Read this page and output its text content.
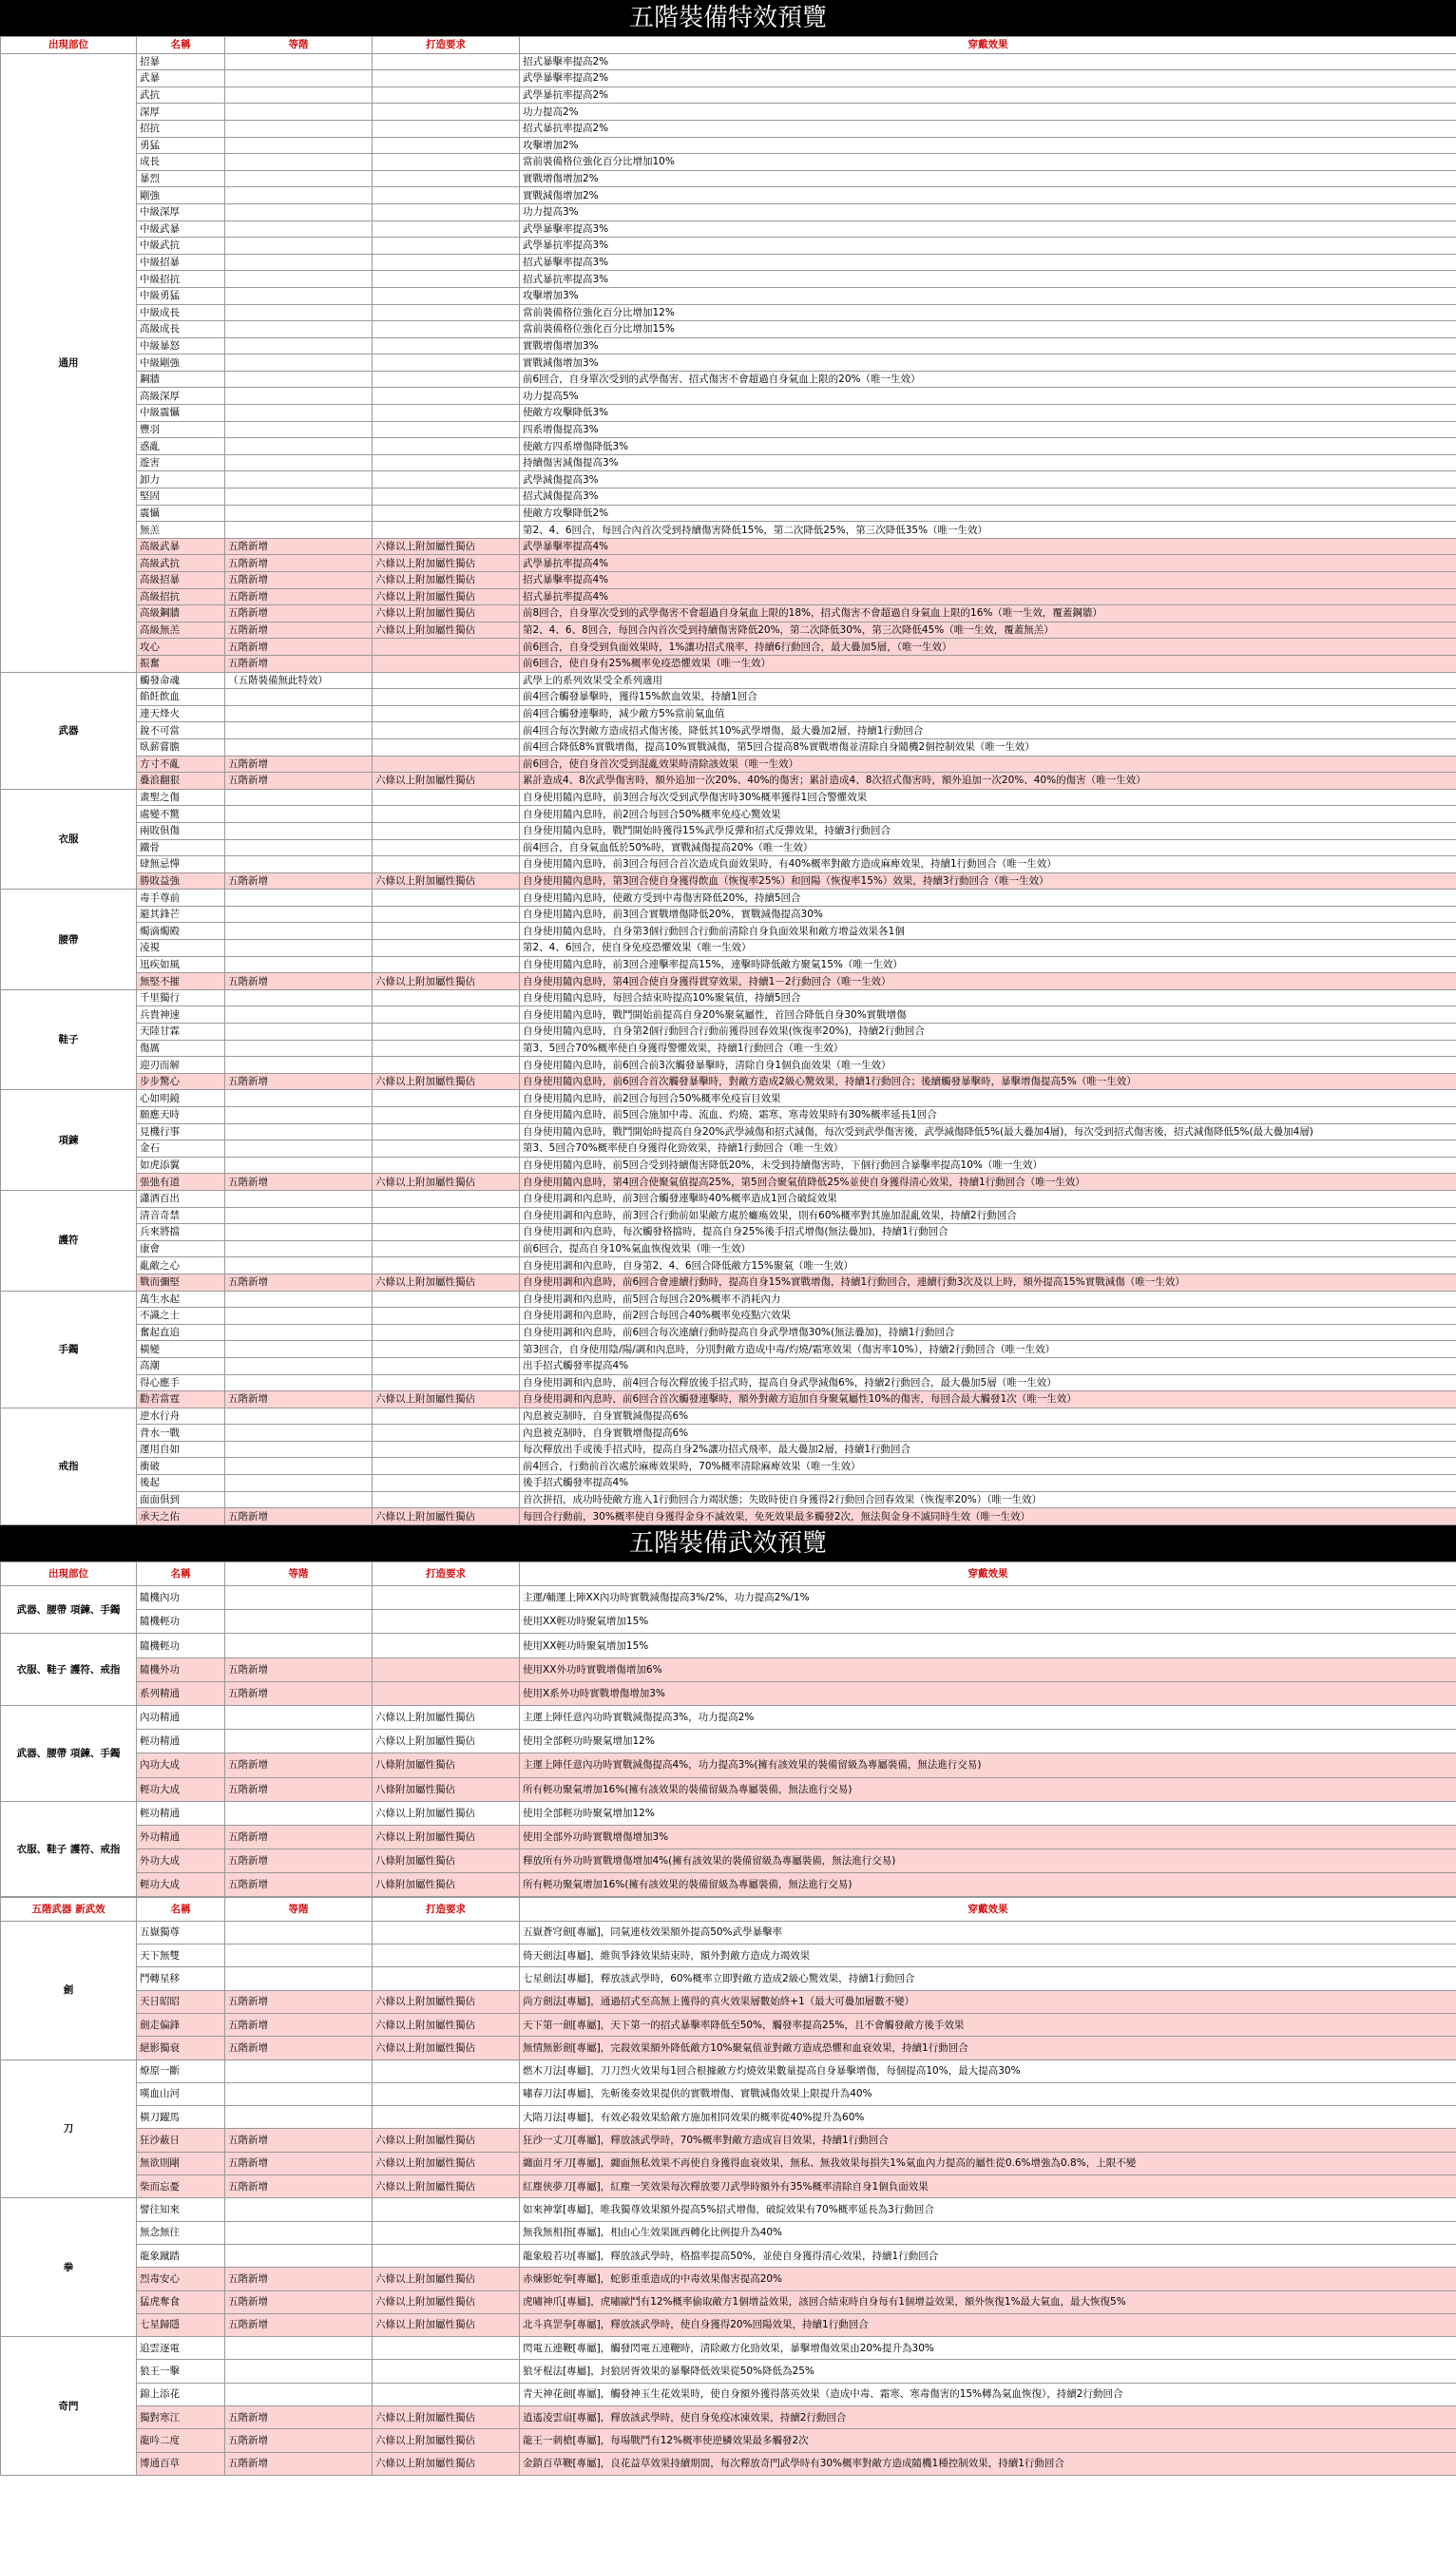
五階裝備特效預覽
出現部位	名稱	等階	打造要求	穿戴效果
通用	招暴			招式暴擊率提高2%
	武暴			武學暴擊率提高2%
	武抗			武學暴抗率提高2%
	深厚			功力提高2%
	招抗			招式暴抗率提高2%
	勇猛			攻擊增加2%
	成長			當前裝備格位強化百分比增加10%
	暴烈			實戰增傷增加2%
	剛強			實戰減傷增加2%
	中級深厚			功力提高3%
	中級武暴			武學暴擊率提高3%
	中級武抗			武學暴抗率提高3%
	中級招暴			招式暴擊率提高3%
	中級招抗			招式暴抗率提高3%
	中級勇猛			攻擊增加3%
	中級成長			當前裝備格位強化百分比增加12%
	高級成長			當前裝備格位強化百分比增加15%
	中級暴怒			實戰增傷增加3%
	中級剛強			實戰減傷增加3%
	鋼牆			前6回合，自身單次受到的武學傷害、招式傷害不會超過自身氣血上限的20%（唯一生效）
	高級深厚			功力提高5%
	中級震懾			使敵方攻擊降低3%
	豐羽			四系增傷提高3%
	惑亂			使敵方四系增傷降低3%
	遊害			持續傷害減傷提高3%
	卸力			武學減傷提高3%
	堅固			招式減傷提高3%
	震懾			使敵方攻擊降低2%
	無羔			第2、4、6回合，每回合內首次受到持續傷害降低15%，第二次降低25%，第三次降低35%（唯一生效）
	高級武暴	五階新增	六條以上附加屬性獨佔	武學暴擊率提高4%
	高級武抗	五階新增	六條以上附加屬性獨佔	武學暴抗率提高4%
	高級招暴	五階新增	六條以上附加屬性獨佔	招式暴擊率提高4%
	高級招抗	五階新增	六條以上附加屬性獨佔	招式暴抗率提高4%
	高級鋼牆	五階新增	六條以上附加屬性獨佔	前8回合，自身單次受到的武學傷害不會超過自身氣血上限的18%，招式傷害不會超過自身氣血上限的16%（唯一生效，覆蓋鋼牆）
	高級無羔	五階新增	六條以上附加屬性獨佔	第2、4、6、8回合，每回合內首次受到持續傷害降低20%，第二次降低30%，第三次降低45%（唯一生效，覆蓋無羔）
	攻心	五階新增		前6回合，自身受到負面效果時，1%讓功招式飛率，持續6行動回合，最大疊加5層，（唯一生效）
	振奮	五階新增		前6回合，使自身有25%概率免疫恐懼效果（唯一生效）
武器	觸發命魂	（五階裝備無此特效）		武學上的系列效果受全系列適用
	餡飪飲血			前4回合觸發暴擊時，獲得15%飲血效果，持續1回合
	連天烽火			前4回合觸發連擊時，減少敵方5%當前氣血值
	銳不可當			前4回合每次對敵方造成招式傷害後，降低其10%武學增傷，最大疊加2層，持續1行動回合
	臥薪嘗膽			前4回合降低8%實戰增傷，提高10%實戰減傷，第5回合提高8%實戰增傷並清除自身隨機2個控制效果（唯一生效）
	方寸不亂	五階新增		前6回合，使自身首次受到混亂效果時清除該效果（唯一生效）
	疊浪翻狠	五階新增	六條以上附加屬性獨佔	累計造成4、8次武學傷害時，額外追加一次20%、40%的傷害；累計造成4、8次招式傷害時，額外追加一次20%、40%的傷害（唯一生效）
衣服	畫聖之傷			自身使用隨內息時，前3回合每次受到武學傷害時30%概率獲得1回合警懼效果
	處變不驚			自身使用隨內息時，前2回合每回合50%概率免疫心驚效果
	兩敗俱傷			自身使用隨內息時，戰鬥開始時獲得15%武學反彈和招式反彈效果，持續3行動回合
	鐵骨			前4回合，自身氣血低於50%時，實戰減傷提高20%（唯一生效）
	肆無忌憚			自身使用隨內息時，前3回合每回合首次造成負面效果時，有40%概率對敵方造成麻痺效果，持續1行動回合（唯一生效）
	勝敗益強	五階新增	六條以上附加屬性獨佔	自身使用隨內息時，第3回合使自身獲得飲血（恢復率25%）和回陽（恢復率15%）效果，持續3行動回合（唯一生效）
腰帶	毒手尊前			自身使用隨內息時，使敵方受到中毒傷害降低20%，持續5回合
	避其鋒芒			自身使用隨內息時，前3回合實戰增傷降低20%，實戰減傷提高30%
	燭滴燭殿			自身使用隨內息時，自身第3個行動回合行動前清除自身負面效果和敵方增益效果各1個
	凌視			第2、4、6回合，使自身免疫恐懼效果（唯一生效）
	迅疾如風			自身使用隨內息時，前3回合連擊率提高15%，連擊時降低敵方聚氣15%（唯一生效）
	無堅不摧	五階新增	六條以上附加屬性獨佔	自身使用隨內息時，第4回合使自身獲得貫穿效果，持續1－2行動回合（唯一生效）
鞋子	千里獨行			自身使用隨內息時，每回合結束時提高10%聚氣值，持續5回合
	兵貴神速			自身使用隨內息時，戰鬥開始前提高自身20%聚氣屬性，首回合降低自身30%實戰增傷
	天陸甘霖			自身使用隨內息時，自身第2個行動回合行動前獲得回春效果(恢復率20%)，持續2行動回合
	傷厲			第3、5回合70%概率使自身獲得警懼效果，持續1行動回合（唯一生效）
	迎刃而解			自身使用隨內息時，前6回合前3次觸發暴擊時，清除自身1個負面效果（唯一生效）
	步步驚心	五階新增	六條以上附加屬性獨佔	自身使用隨內息時，前6回合首次觸發暴擊時，對敵方造成2級心驚效果，持續1行動回合；後續觸發暴擊時，暴擊增傷提高5%（唯一生效）
項鍊	心如明鏡			自身使用隨內息時，前2回合每回合50%概率免疫盲目效果
	願應天時			自身使用隨內息時，前5回合施加中毒、流血、灼燒、霜寒、寒毒效果時有30%概率延長1回合
	見機行事			自身使用隨內息時，戰鬥開始時提高自身20%武學減傷和招式減傷，每次受到武學傷害後，武學減傷降低5%(最大疊加4層)，每次受到招式傷害後，招式減傷降低5%(最大疊加4層)
	金石			第3、5回合70%概率使自身獲得化勁效果，持續1行動回合（唯一生效）
	如虎添翼			自身使用隨內息時，前5回合受到持續傷害降低20%，未受到持續傷害時，下個行動回合暴擊率提高10%（唯一生效）
	張弛有道	五階新增	六條以上附加屬性獨佔	自身使用隨內息時，第4回合使聚氣值提高25%，第5回合聚氣值降低25%並使自身獲得清心效果，持續1行動回合（唯一生效）
護符	瀟洒百出			自身使用調和內息時，前3回合觸發連擊時40%概率造成1回合破綻效果
	清音奇禁			自身使用調和內息時，前3回合行動前如果敵方處於癱瘓效果，則有60%概率對其施加混亂效果，持續2行動回合
	兵來將擋			自身使用調和內息時，每次觸發格擋時，提高自身25%後手招式增傷(無法疊加)，持續1行動回合
	康會			前6回合，提高自身10%氣血恢復效果（唯一生效）
	亂敵之心			自身使用調和內息時，自身第2、4、6回合降低敵方15%聚氣（唯一生效）
	戰而彌堅	五階新增	六條以上附加屬性獨佔	自身使用調和內息時，前6回合會連續行動時，提高自身15%實戰增傷，持續1行動回合，連續行動3次及以上時，額外提高15%實戰減傷（唯一生效）
手鐲	萬生水起			自身使用調和內息時，前5回合每回合20%概率不消耗內力
	不識之士			自身使用調和內息時，前2回合每回合40%概率免疫點穴效果
	奮起直追			自身使用調和內息時，前6回合每次連續行動時提高自身武學增傷30%(無法疊加)，持續1行動回合
	橫變			第3回合，自身使用陰/陽/調和內息時，分別對敵方造成中毒/灼燒/霜寒效果（傷害率10%），持續2行動回合（唯一生效）
	高潮			出手招式觸發率提高4%
	得心應手			自身使用調和內息時，前4回合每次釋放後手招式時，提高自身武學減傷6%，持續2行動回合，最大疊加5層（唯一生效）
	勸若當霆	五階新增	六條以上附加屬性獨佔	自身使用調和內息時，前6回合首次觸發連擊時，額外對敵方追加自身聚氣屬性10%的傷害，每回合最大觸發1次（唯一生效）
戒指	逆水行舟			內息被克制時，自身實戰減傷提高6%
	背水一戰			內息被克制時，自身實戰增傷提高6%
	運用自如			每次釋放出手或後手招式時，提高自身2%讓功招式飛率，最大疊加2層，持續1行動回合
	衝破			前4回合，行動前首次處於麻痺效果時，70%概率清除麻痺效果（唯一生效）
	後起			後手招式觸發率提高4%
	面面俱到			首次拼招，成功時使敵方進入1行動回合力竭狀態；失敗時使自身獲得2行動回合回春效果（恢復率20%）（唯一生效）
	承天之佑	五階新增	六條以上附加屬性獨佔	每回合行動前，30%概率使自身獲得金身不滅效果，免死效果最多觸發2次，無法與金身不滅同時生效（唯一生效）
五階裝備武效預覽
出現部位	名稱	等階	打造要求	穿戴效果
武器、腰帶 項鍊、手鐲	隨機內功			主運/輔運上陣XX內功時實戰減傷提高3%/2%，功力提高2%/1%
	隨機輕功			使用XX輕功時聚氣增加15%
衣服、鞋子 護符、戒指	隨機輕功			使用XX輕功時聚氣增加15%
	隨機外功	五階新增		使用XX外功時實戰增傷增加6%
	系列精通	五階新增		使用X系外功時實戰增傷增加3%
武器、腰帶 項鍊、手鐲	內功精通		六條以上附加屬性獨佔	主運上陣任意內功時實戰減傷提高3%，功力提高2%
	輕功精通		六條以上附加屬性獨佔	使用全部輕功時聚氣增加12%
	內功大成	五階新增	八條附加屬性獨佔	主運上陣任意內功時實戰減傷提高4%，功力提高3%(擁有該效果的裝備留級為專屬裝備，無法進行交易)
	輕功大成	五階新增	八條附加屬性獨佔	所有輕功聚氣增加16%(擁有該效果的裝備留級為專屬裝備，無法進行交易)
衣服、鞋子 護符、戒指	輕功精通		六條以上附加屬性獨佔	使用全部輕功時聚氣增加12%
	外功精通	五階新增	六條以上附加屬性獨佔	使用全部外功時實戰增傷增加3%
	外功大成	五階新增	八條附加屬性獨佔	釋放所有外功時實戰增傷增加4%(擁有該效果的裝備留級為專屬裝備，無法進行交易)
	輕功大成	五階新增	八條附加屬性獨佔	所有輕功聚氣增加16%(擁有該效果的裝備留級為專屬裝備，無法進行交易)
五階武器 新武效	名稱	等階	打造要求	穿戴效果
劍	五嶽獨尊			五嶽蒼穹劍[專屬]，同氣連枝效果額外提高50%武學暴擊率
	天下無雙			倚天劍法[專屬]，維與爭鋒效果結束時，額外對敵方造成力竭效果
	鬥轉星移			七星劍法[專屬]，釋放該武學時，60%概率立即對敵方造成2級心驚效果，持續1行動回合
	天日昭昭	五階新增	六條以上附加屬性獨佔	尚方劍法[專屬]，通過招式至高無上獲得的真火效果層數始終+1（最大可疊加層數不變）
	劍走偏鋒	五階新增	六條以上附加屬性獨佔	天下第一劍[專屬]，天下第一的招式暴擊率降低至50%，觸發率提高25%，且不會觸發敵方後手效果
	絕影獨衰	五階新增	六條以上附加屬性獨佔	無情無影劍[專屬]，完殺效果額外降低敵方10%聚氣值並對敵方造成恐懼和血衰效果，持續1行動回合
刀	燎原一斷			燃木刀法[專屬]，刀刀烈火效果每1回合根據敵方灼燒效果數量提高自身暴擊增傷，每個提高10%，最大提高30%
	嘆血山河			嘯春刀法[專屬]，先斬後奏效果提供的實戰增傷、實戰減傷效果上限提升為40%
	橫刀躍馬			大隋刀法[專屬]，有效必殺效果給敵方施加相同效果的概率從40%提升為60%
	狂沙蔽日	五階新增	六條以上附加屬性獨佔	狂沙一丈刀[專屬]，釋放該武學時，70%概率對敵方造成盲目效果，持續1行動回合
	無欲則剛	五階新增	六條以上附加屬性獨佔	纏面月牙刀[專屬]，纏面無私效果不再使自身獲得血衰效果，無私、無我效果每損失1%氣血內力提高的屬性從0.6%增強為0.8%，上限不變
	柴而忘憂	五階新增	六條以上附加屬性獨佔	紅塵俠夢刀[專屬]，紅塵一笑效果每次釋放要刀武學時額外有35%概率清除自身1個負面效果
拳	譬往知來			如來神掌[專屬]，唯我獨尊效果額外提高5%招式增傷，破綻效果有70%概率延長為3行動回合
	無念無往			無我無相指[專屬]，相由心生效果匯西轉化比例提升為40%
	龍象蹴踏			龍象般若功[專屬]，釋放該武學時，格擋率提高50%，並使自身獲得清心效果，持續1行動回合
	烈毒安心	五階新增	六條以上附加屬性獨佔	赤煉影蛇拳[專屬]，蛇影重重造成的中毒效果傷害提高20%
	猛虎奪食	五階新增	六條以上附加屬性獨佔	虎嘯神爪[專屬]，虎嘯歐鬥有12%概率偷取敵方1個增益效果，該回合結束時自身每有1個增益效果，額外恢復1%最大氣血，最大恢復5%
	七星歸隱	五階新增	六條以上附加屬性獨佔	北斗真罡拳[專屬]，釋放該武學時，使自身獲得20%回陽效果，持續1行動回合
奇門	追雲逐電			閃電五連鞭[專屬]，觸發閃電五連鞭時，清除敵方化勁效果，暴擊增傷效果由20%提升為30%
	狼王一擊			狼牙棍法[專屬]，封狼居胥效果的暴擊降低效果從50%降低為25%
	錦上添花			青天神花劍[專屬]，觸發神玉生花效果時，使自身額外獲得落英效果（造成中毒、霜寒、寒毒傷害的15%轉為氣血恢復），持續2行動回合
	獨對寒江	五階新增	六條以上附加屬性獨佔	逍遙凌雲扇[專屬]，釋放該武學時，使自身免疫冰凍效果，持續2行動回合
	龍吟二度	五階新增	六條以上附加屬性獨佔	龍王一刺槍[專屬]，每場戰鬥有12%概率使逆鱗效果最多觸發2次
	博通百草	五階新增	六條以上附加屬性獨佔	金鎖百草鞭[專屬]，良花益草效果持續期間，每次釋放奇門武學時有30%概率對敵方造成隨機1種控制效果，持續1行動回合
